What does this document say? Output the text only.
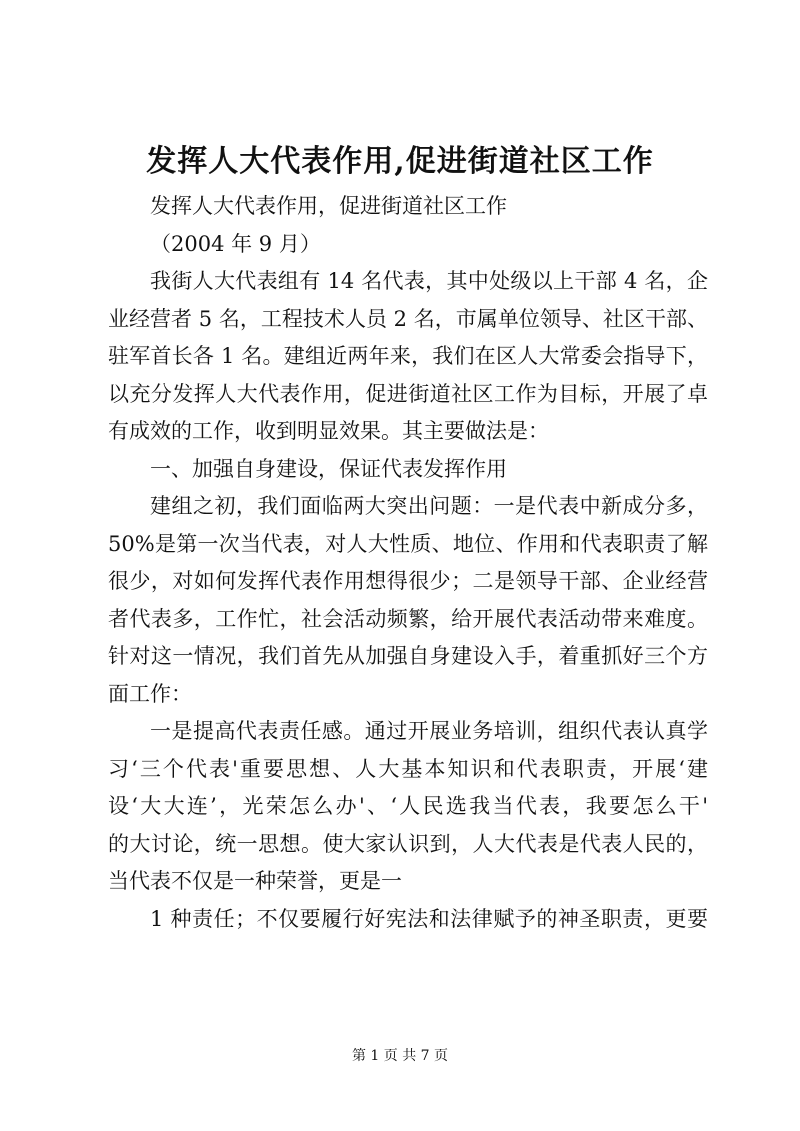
发挥人大代表作用,促进街道社区工作
发挥人大代表作用，促进街道社区工作
（2004 年 9 月）
我街人大代表组有 14 名代表，其中处级以上干部 4 名，企
业经营者 5 名，工程技术人员 2 名，市属单位领导、社区干部、
驻军首长各 1 名。建组近两年来，我们在区人大常委会指导下，
以充分发挥人大代表作用，促进街道社区工作为目标，开展了卓
有成效的工作，收到明显效果。其主要做法是：
一、加强自身建设，保证代表发挥作用
建组之初，我们面临两大突出问题：一是代表中新成分多，
50%是第一次当代表，对人大性质、地位、作用和代表职责了解
很少，对如何发挥代表作用想得很少；二是领导干部、企业经营
者代表多，工作忙，社会活动频繁，给开展代表活动带来难度。
针对这一情况，我们首先从加强自身建设入手，着重抓好三个方
面工作：
一是提高代表责任感。通过开展业务培训，组织代表认真学
习‘三个代表'重要思想、人大基本知识和代表职责，开展‘建
设‘大大连’，光荣怎么办'、‘人民选我当代表，我要怎么干'
的大讨论，统一思想。使大家认识到，人大代表是代表人民的，
当代表不仅是一种荣誉，更是一
1 种责任；不仅要履行好宪法和法律赋予的神圣职责，更要
第 1 页 共 7 页
